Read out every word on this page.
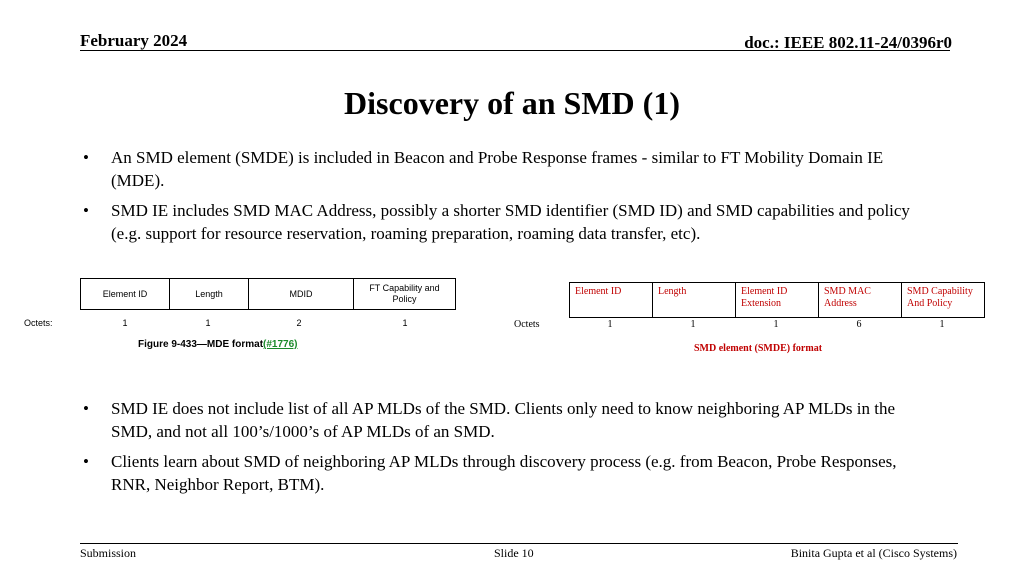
February 2024	doc.: IEEE 802.11-24/0396r0
Discovery of an SMD (1)
• An SMD element (SMDE) is included in Beacon and Probe Response frames - similar to FT Mobility Domain IE (MDE).
• SMD IE includes SMD MAC Address, possibly a shorter SMD identifier (SMD ID) and SMD capabilities and policy (e.g. support for resource reservation, roaming preparation, roaming data transfer, etc).
Element ID	Length	MDID	FT Capability and Policy
Octets:	1	1	2	1
Figure 9-433—MDE format(#1776)
Element ID	Length	Element ID Extension	SMD MAC Address	SMD Capability And Policy
Octets	1	1	1	6	1
SMD element (SMDE) format
• SMD IE does not include list of all AP MLDs of the SMD. Clients only need to know neighboring AP MLDs in the SMD, and not all 100’s/1000’s of AP MLDs of an SMD.
• Clients learn about SMD of neighboring AP MLDs through discovery process (e.g. from Beacon, Probe Responses, RNR, Neighbor Report, BTM).
Submission	Slide 10	Binita Gupta et al (Cisco Systems)
